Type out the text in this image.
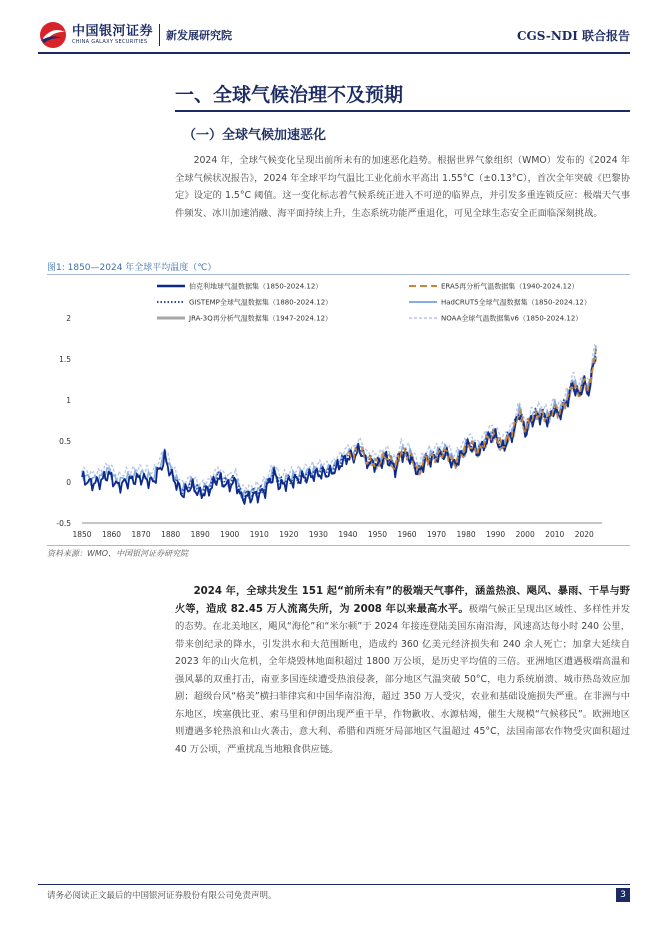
中国银河证券
CHINA GALAXY SECURITIES	新发展研究院	CGS-NDI 联合报告
一、全球气候治理不及预期
（一）全球气候加速恶化
2024 年，全球气候变化呈现出前所未有的加速恶化趋势。根据世界气象组织（WMO）发布的《2024 年全球气候状况报告》，2024 年全球平均气温比工业化前水平高出 1.55°C（±0.13°C），首次全年突破《巴黎协定》设定的 1.5°C 阈值。这一变化标志着气候系统正进入不可逆的临界点，并引发多重连锁反应：极端天气事件频发、冰川加速消融、海平面持续上升，生态系统功能严重退化，可见全球生态安全正面临深刻挑战。
图1: 1850—2024 年全球平均温度（℃）
伯克利地球气温数据集（1850-2024.12）	ERA5再分析气温数据集（1940-2024.12）
GISTEMP全球气温数据集（1880-2024.12）	HadCRUT5全球气温数据集（1850-2024.12）
JRA-3Q再分析气温数据集（1947-2024.12）	NOAA全球气温数据集v6（1850-2024.12）
-0.5
0
0.5
1
1.5
2
1850 1860 1870 1880 1890 1900 1910 1920 1930 1940 1950 1960 1970 1980 1990 2000 2010 2020
资料来源：WMO，中国银河证券研究院
2024 年，全球共发生 151 起“前所未有”的极端天气事件，涵盖热浪、飓风、暴雨、干旱与野火等，造成 82.45 万人流离失所，为 2008 年以来最高水平。极端气候正呈现出区域性、多样性并发的态势。在北美地区，飓风“海伦”和“米尔顿”于 2024 年接连登陆美国东南沿海，风速高达每小时 240 公里，带来创纪录的降水，引发洪水和大范围断电，造成约 360 亿美元经济损失和 240 余人死亡；加拿大延续自 2023 年的山火危机，全年烧毁林地面积超过 1800 万公顷，是历史平均值的三倍。亚洲地区遭遇极端高温和强风暴的双重打击，南亚多国连续遭受热浪侵袭，部分地区气温突破 50°C，电力系统崩溃、城市热岛效应加剧；超级台风“格美”横扫菲律宾和中国华南沿海，超过 350 万人受灾，农业和基础设施损失严重。在非洲与中东地区，埃塞俄比亚、索马里和伊朗出现严重干旱，作物歉收、水源枯竭，催生大规模“气候移民”。欧洲地区则遭遇多轮热浪和山火袭击，意大利、希腊和西班牙局部地区气温超过 45°C，法国南部农作物受灾面积超过 40 万公顷，严重扰乱当地粮食供应链。
请务必阅读正文最后的中国银河证券股份有限公司免责声明。	3
